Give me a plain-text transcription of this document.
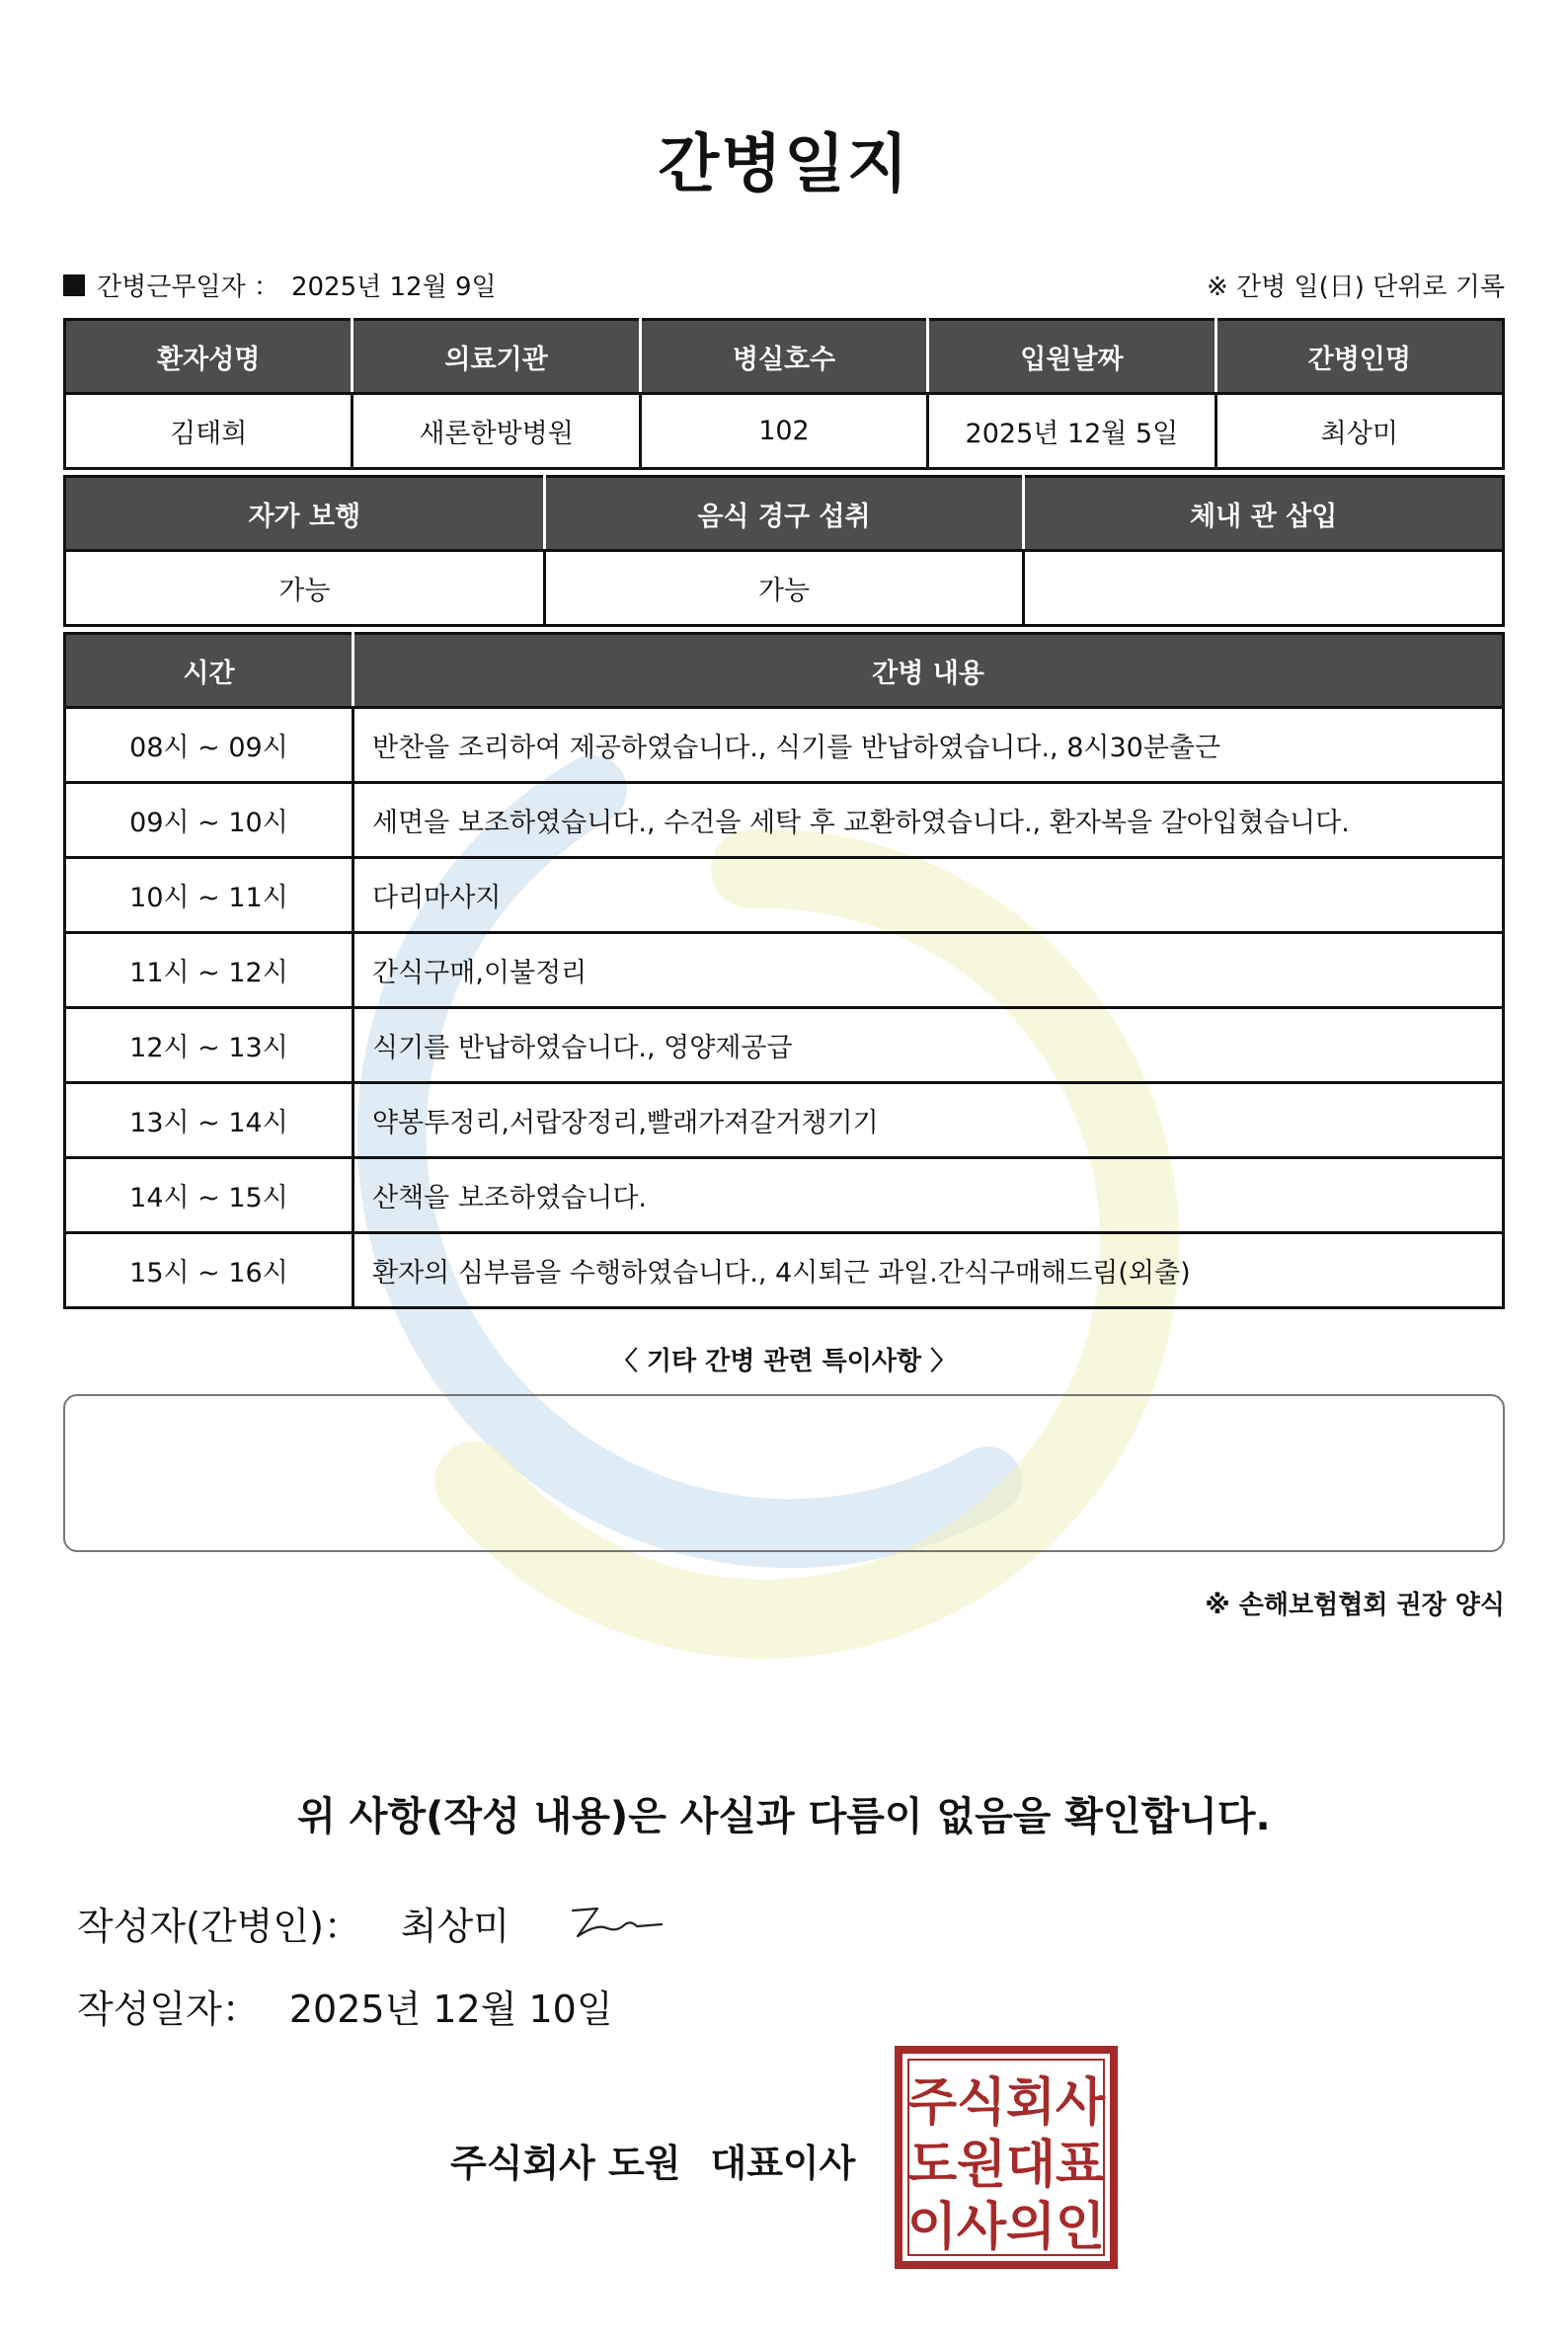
간병일지
간병근무일자 ： 2025년 12월 9일	※ 간병 일(日) 단위로 기록
환자성명	의료기관	병실호수	입원날짜	간병인명
김태희	새론한방병원	102	2025년 12월 5일	최상미
자가 보행	음식 경구 섭취	체내 관 삽입
가능	가능	
시간	간병 내용
08시 ~ 09시	반찬을 조리하여 제공하였습니다., 식기를 반납하였습니다., 8시30분출근
09시 ~ 10시	세면을 보조하였습니다., 수건을 세탁 후 교환하였습니다., 환자복을 갈아입혔습니다.
10시 ~ 11시	다리마사지
11시 ~ 12시	간식구매,이불정리
12시 ~ 13시	식기를 반납하였습니다., 영양제공급
13시 ~ 14시	약봉투정리,서랍장정리,빨래가져갈거챙기기
14시 ~ 15시	산책을 보조하였습니다.
15시 ~ 16시	환자의 심부름을 수행하였습니다., 4시퇴근 과일.간식구매해드림(외출)
〈 기타 간병 관련 특이사항 〉
※ 손해보험협회 권장 양식
위 사항(작성 내용)은 사실과 다름이 없음을 확인합니다.
작성자(간병인)： 최상미
작성일자： 2025년 12월 10일
주식회사 도원 대표이사
주 식 회 사
도 원 대 표
이 사 의 인
